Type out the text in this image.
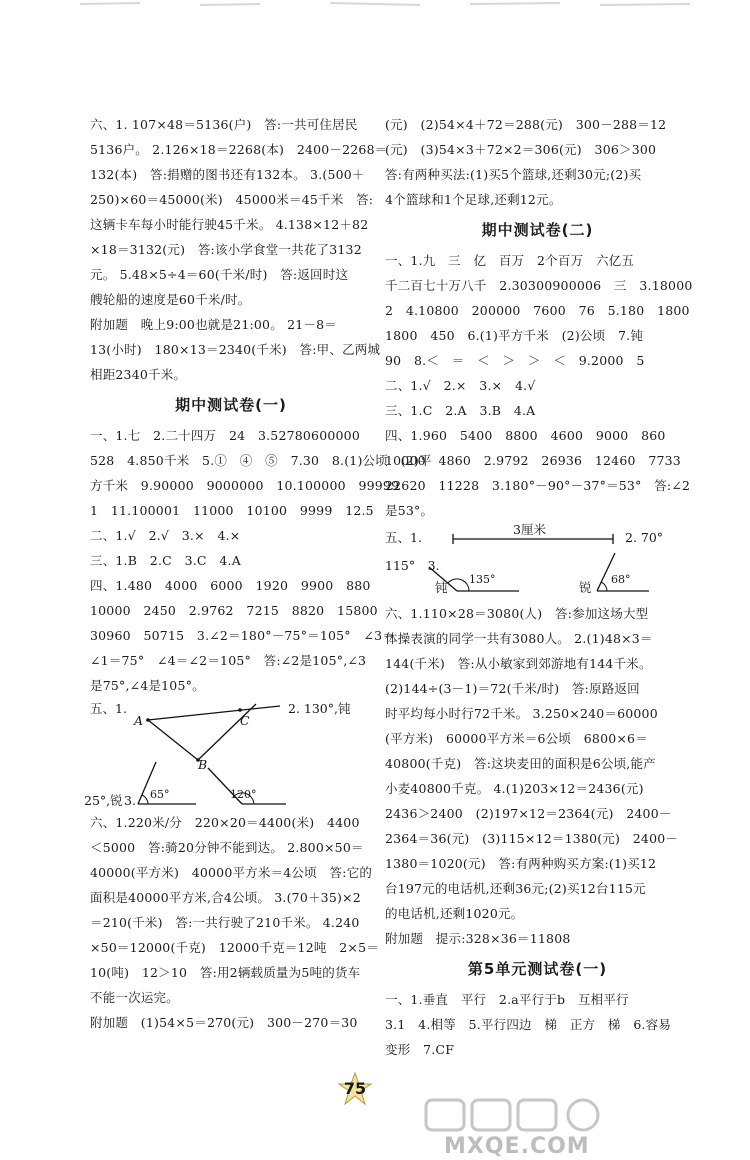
六、1. 107×48＝5136(户)　答:一共可住居民
5136户。 2.126×18＝2268(本)　2400－2268＝
132(本)　答:捐赠的图书还有132本。 3.(500＋
250)×60＝45000(米)　45000米＝45千米　答:
这辆卡车每小时能行驶45千米。 4.138×12＋82
×18＝3132(元)　答:该小学食堂一共花了3132
元。 5.48×5÷4＝60(千米/时)　答:返回时这
艘轮船的速度是60千米/时。
附加题　晚上9:00也就是21:00。 21－8＝
13(小时)　180×13＝2340(千米)　答:甲、乙两城
相距2340千米。
期中测试卷(一)
一、1.七　2.二十四万　24　3.52780600000
528　4.850千米　5.①　④　⑤　7.30　8.(1)公顷　(2)平
方千米　9.90000　9000000　10.100000　99999
1　11.100001　11000　10100　9999　12.5
二、1.√　2.√　3.×　4.×
三、1.B　2.C　3.C　4.A
四、1.480　4000　6000　1920　9900　880
10000　2450　2.9762　7215　8820　15800
30960　50715　3.∠2＝180°－75°＝105°　∠3＝
∠1＝75°　∠4＝∠2＝105°　答:∠2是105°,∠3
是75°,∠4是105°。
五、1.	2. 130°,钝
A
B
C
25°,锐 3. 65°	120°
六、1.220米/分　220×20＝4400(米)　4400
＜5000　答:骑20分钟不能到达。 2.800×50＝
40000(平方米)　40000平方米＝4公顷　答:它的
面积是40000平方米,合4公顷。 3.(70＋35)×2
＝210(千米)　答:一共行驶了210千米。 4.240
×50＝12000(千克)　12000千克＝12吨　2×5＝
10(吨)　12＞10　答:用2辆载质量为5吨的货车
不能一次运完。
附加题　(1)54×5＝270(元)　300－270＝30
(元)　(2)54×4＋72＝288(元)　300－288＝12
(元)　(3)54×3＋72×2＝306(元)　306＞300
答:有两种买法:(1)买5个篮球,还剩30元;(2)买
4个篮球和1个足球,还剩12元。
期中测试卷(二)
一、1.九　三　亿　百万　2个百万　六亿五
千二百七十万八千　2.30300900006　三　3.18000
2　4.10800　200000　7600　76　5.180　1800
1800　450　6.(1)平方千米　(2)公顷　7.钝
90　8.＜　＝　＜　＞　＞　＜　9.2000　5
二、1.√　2.×　3.×　4.√
三、1.C　2.A　3.B　4.A
四、1.960　5400　8800　4600　9000　860
10000　4860　2.9792　26936　12460　7733
22620　11228　3.180°－90°－37°＝53°　答:∠2
是53°。
五、1.
3厘米
2. 70°
115°　3.
钝
135°
锐
68°
六、1.110×28＝3080(人)　答:参加这场大型
体操表演的同学一共有3080人。 2.(1)48×3＝
144(千米)　答:从小敏家到郊游地有144千米。
(2)144÷(3－1)＝72(千米/时)　答:原路返回
时平均每小时行72千米。 3.250×240＝60000
(平方米)　60000平方米＝6公顷　6800×6＝
40800(千克)　答:这块麦田的面积是6公顷,能产
小麦40800千克。 4.(1)203×12＝2436(元)
2436＞2400　(2)197×12＝2364(元)　2400－
2364＝36(元)　(3)115×12＝1380(元)　2400－
1380＝1020(元)　答:有两种购买方案:(1)买12
台197元的电话机,还剩36元;(2)买12台115元
的电话机,还剩1020元。
附加题　提示:328×36＝11808
第5单元测试卷(一)
一、1.垂直　平行　2.a平行于b　互相平行
3.1　4.相等　5.平行四边　梯　正方　梯　6.容易
变形　7.CF
75
MXQE.COM
